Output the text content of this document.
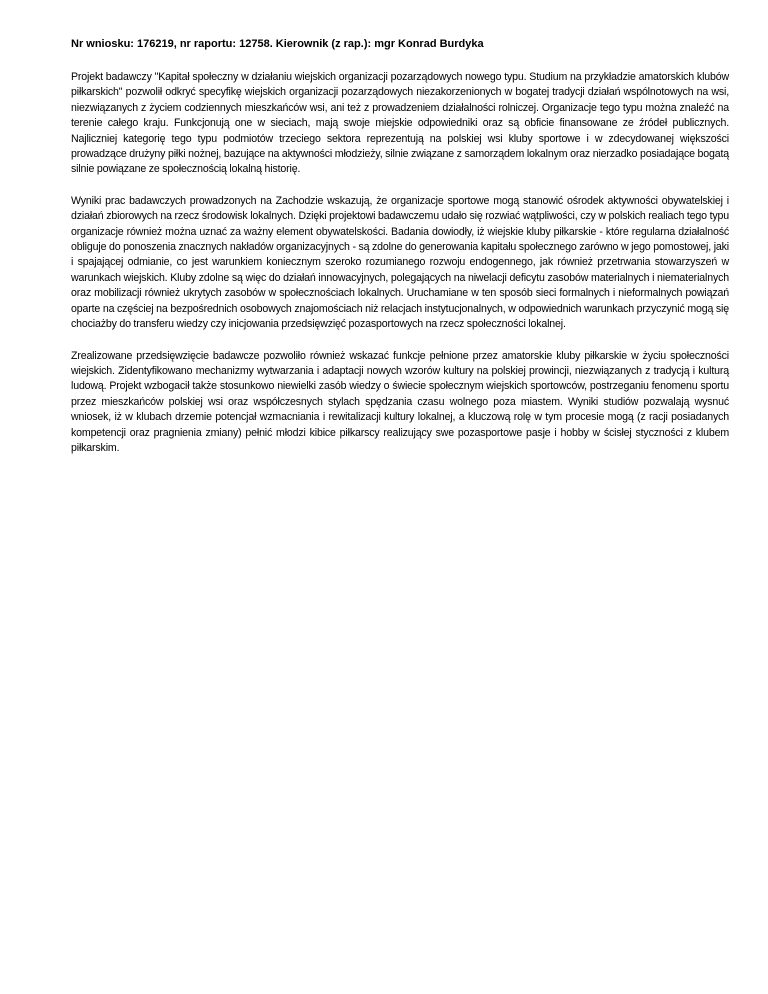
Nr wniosku: 176219, nr raportu: 12758. Kierownik (z rap.): mgr Konrad Burdyka

Projekt badawczy "Kapitał społeczny w działaniu wiejskich organizacji pozarządowych nowego typu. Studium na przykładzie amatorskich klubów piłkarskich" pozwolił odkryć specyfikę wiejskich organizacji pozarządowych niezakorzenionych w bogatej tradycji działań wspólnotowych na wsi, niezwiązanych z życiem codziennych mieszkańców wsi, ani też z prowadzeniem działalności rolniczej. Organizacje tego typu można znaleźć na terenie całego kraju. Funkcjonują one w sieciach, mają swoje miejskie odpowiedniki oraz są obficie finansowane ze źródeł publicznych. Najliczniej kategorię tego typu podmiotów trzeciego sektora reprezentują na polskiej wsi kluby sportowe i w zdecydowanej większości prowadzące drużyny piłki nożnej, bazujące na aktywności młodzieży, silnie związane z samorządem lokalnym oraz nierzadko posiadające bogatą silnie powiązane ze społecznością lokalną historię.

Wyniki prac badawczych prowadzonych na Zachodzie wskazują, że organizacje sportowe mogą stanowić ośrodek aktywności obywatelskiej i działań zbiorowych na rzecz środowisk lokalnych. Dzięki projektowi badawczemu udało się rozwiać wątpliwości, czy w polskich realiach tego typu organizacje również można uznać za ważny element obywatelskości. Badania dowiodły, iż wiejskie kluby piłkarskie - które regularna działalność obliguje do ponoszenia znacznych nakładów organizacyjnych - są zdolne do generowania kapitału społecznego zarówno w jego pomostowej, jaki i spajającej odmianie, co jest warunkiem koniecznym szeroko rozumianego rozwoju endogennego, jak również przetrwania stowarzyszeń w warunkach wiejskich. Kluby zdolne są więc do działań innowacyjnych, polegających na niwelacji deficytu zasobów materialnych i niematerialnych oraz mobilizacji również ukrytych zasobów w społecznościach lokalnych. Uruchamiane w ten sposób sieci formalnych i nieformalnych powiązań oparte na częściej na bezpośrednich osobowych znajomościach niż relacjach instytucjonalnych, w odpowiednich warunkach przyczynić mogą się chociażby do transferu wiedzy czy inicjowania przedsięwzięć pozasportowych na rzecz społeczności lokalnej.

Zrealizowane przedsięwzięcie badawcze pozwoliło również wskazać funkcje pełnione przez amatorskie kluby piłkarskie w życiu społeczności wiejskich. Zidentyfikowano mechanizmy wytwarzania i adaptacji nowych wzorów kultury na polskiej prowincji, niezwiązanych z tradycją i kulturą ludową. Projekt wzbogacił także stosunkowo niewielki zasób wiedzy o świecie społecznym wiejskich sportowców, postrzeganiu fenomenu sportu przez mieszkańców polskiej wsi oraz współczesnych stylach spędzania czasu wolnego poza miastem. Wyniki studiów pozwalają wysnuć wniosek, iż w klubach drzemie potencjał wzmacniania i rewitalizacji kultury lokalnej, a kluczową rolę w tym procesie mogą (z racji posiadanych kompetencji oraz pragnienia zmiany) pełnić młodzi kibice piłkarscy realizujący swe pozasportowe pasje i hobby w ścisłej styczności z klubem piłkarskim.
